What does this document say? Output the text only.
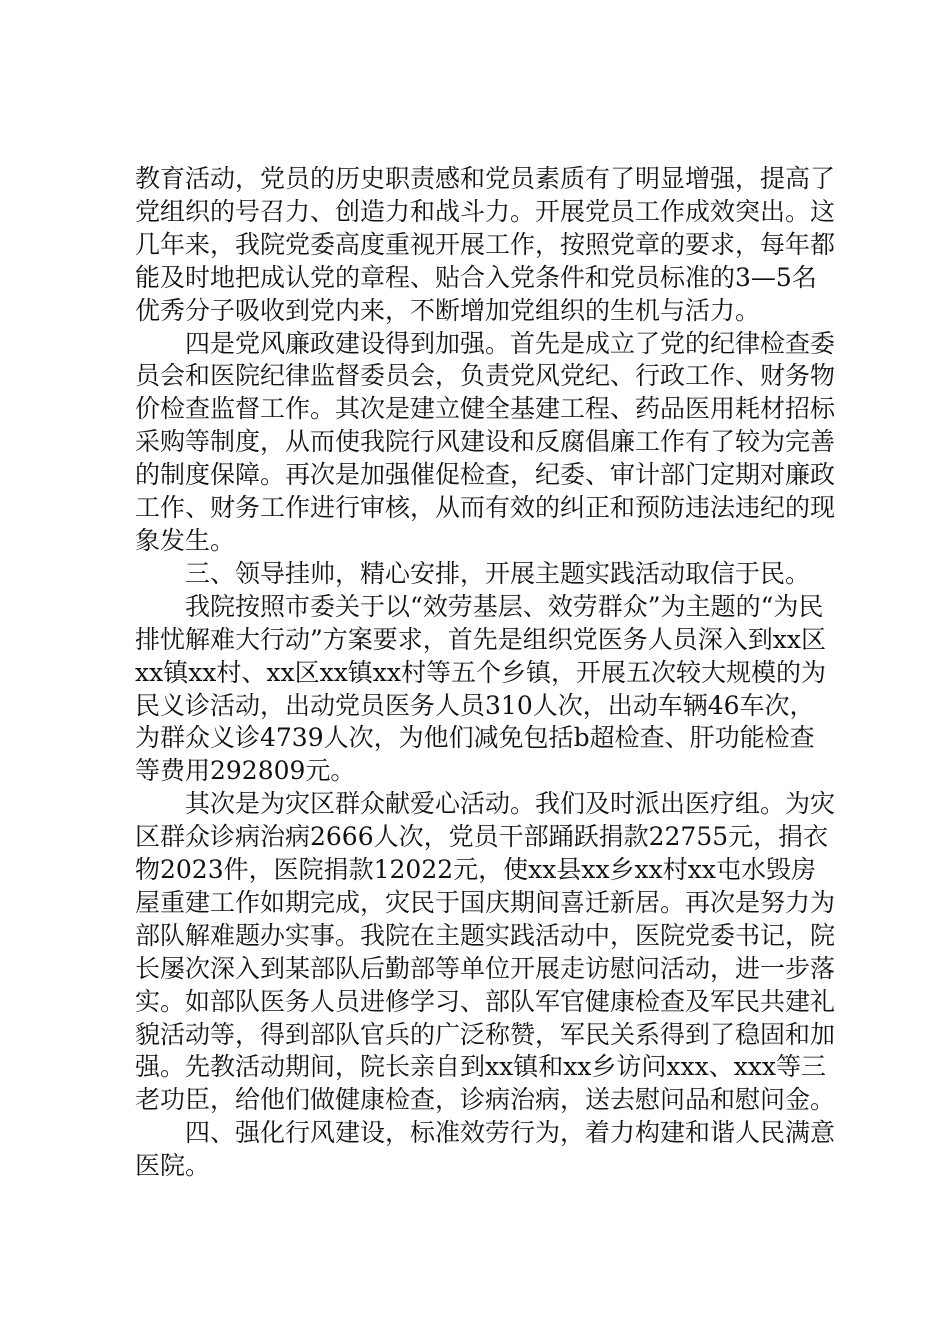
教育活动，党员的历史职责感和党员素质有了明显增强，提高了党组织的号召力、创造力和战斗力。开展党员工作成效突出。这几年来，我院党委高度重视开展工作，按照党章的要求，每年都能及时地把成认党的章程、贴合入党条件和党员标准的3—5名优秀分子吸收到党内来，不断增加党组织的生机与活力。

四是党风廉政建设得到加强。首先是成立了党的纪律检查委员会和医院纪律监督委员会，负责党风党纪、行政工作、财务物价检查监督工作。其次是建立健全基建工程、药品医用耗材招标采购等制度，从而使我院行风建设和反腐倡廉工作有了较为完善的制度保障。再次是加强催促检查，纪委、审计部门定期对廉政工作、财务工作进行审核，从而有效的纠正和预防违法违纪的现象发生。

三、领导挂帅，精心安排，开展主题实践活动取信于民。

我院按照市委关于以“效劳基层、效劳群众”为主题的“为民排忧解难大行动”方案要求，首先是组织党医务人员深入到xx区xx镇xx村、xx区xx镇xx村等五个乡镇，开展五次较大规模的为民义诊活动，出动党员医务人员310人次，出动车辆46车次，为群众义诊4739人次，为他们减免包括b超检查、肝功能检查等费用292809元。

其次是为灾区群众献爱心活动。我们及时派出医疗组。为灾区群众诊病治病2666人次，党员干部踊跃捐款22755元，捐衣物2023件，医院捐款12022元，使xx县xx乡xx村xx屯水毁房屋重建工作如期完成，灾民于国庆期间喜迁新居。再次是努力为部队解难题办实事。我院在主题实践活动中，医院党委书记，院长屡次深入到某部队后勤部等单位开展走访慰问活动，进一步落实。如部队医务人员进修学习、部队军官健康检查及军民共建礼貌活动等，得到部队官兵的广泛称赞，军民关系得到了稳固和加强。先教活动期间，院长亲自到xx镇和xx乡访问xxx、xxx等三老功臣，给他们做健康检查，诊病治病，送去慰问品和慰问金。

四、强化行风建设，标准效劳行为，着力构建和谐人民满意医院。
